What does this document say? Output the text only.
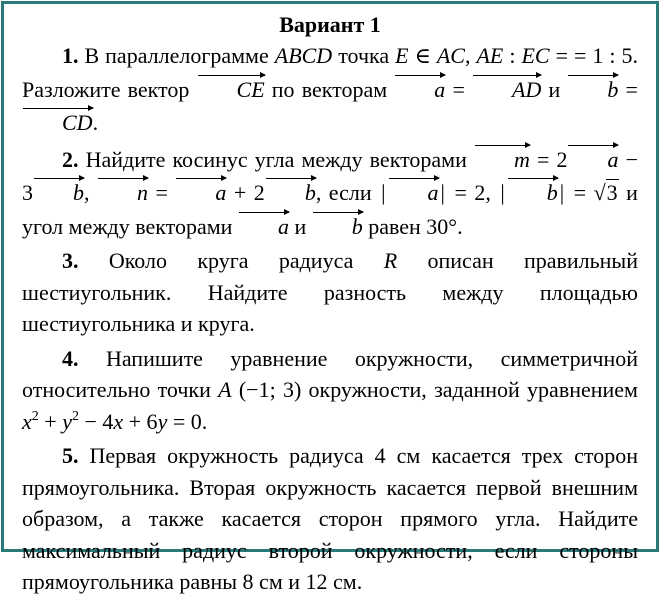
Вариант 1

1. В параллелограмме ABCD точка E ∈ AC, AE : EC = = 1 : 5. Разложите вектор CE по векторам a = AD и b = CD.

2. Найдите косинус угла между векторами m = 2 a − 3 b, n = a + 2 b, если | a| = 2, | b| = √3 и угол между векторами a и b равен 30°.

3. Около круга радиуса R описан правильный шестиугольник. Найдите разность между площадью шестиугольника и круга.

4. Напишите уравнение окружности, симметричной относительно точки A (−1; 3) окружности, заданной уравнением $x^2 + y^2 - 4x + 6y = 0$.

5. Первая окружность радиуса 4 см касается трех сторон прямоугольника. Вторая окружность касается первой внешним образом, а также касается сторон прямого угла. Найдите максимальный радиус второй окружности, если стороны прямоугольника равны 8 см и 12 см.
